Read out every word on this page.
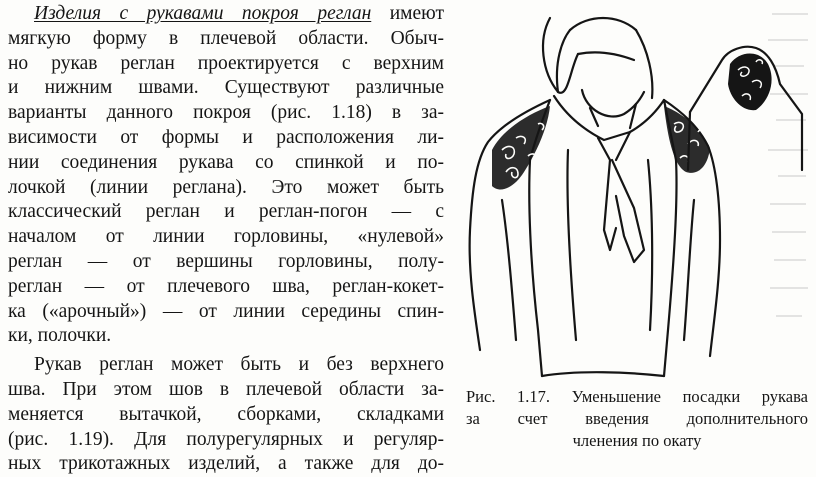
Изделия с рукавами покроя реглан имеют
мягкую форму в плечевой области. Обыч-
но рукав реглан проектируется с верхним
и нижним швами. Существуют различные
варианты данного покроя (рис. 1.18) в за-
висимости от формы и расположения ли-
нии соединения рукава со спинкой и по-
лочкой (линии реглана). Это может быть
классический реглан и реглан-погон — с
началом от линии горловины, «нулевой»
реглан — от вершины горловины, полу-
реглан — от плечевого шва, реглан-кокет-
ка («арочный») — от линии середины спин-
ки, полочки.

Рукав реглан может быть и без верхнего
шва. При этом шов в плечевой области за-
меняется вытачкой, сборками, складками
(рис. 1.19). Для полурегулярных и регуляр-
ных трикотажных изделий, а также для до-

Рис. 1.17. Уменьшение посадки рукава
за счет введения дополнительного
членения по окату
